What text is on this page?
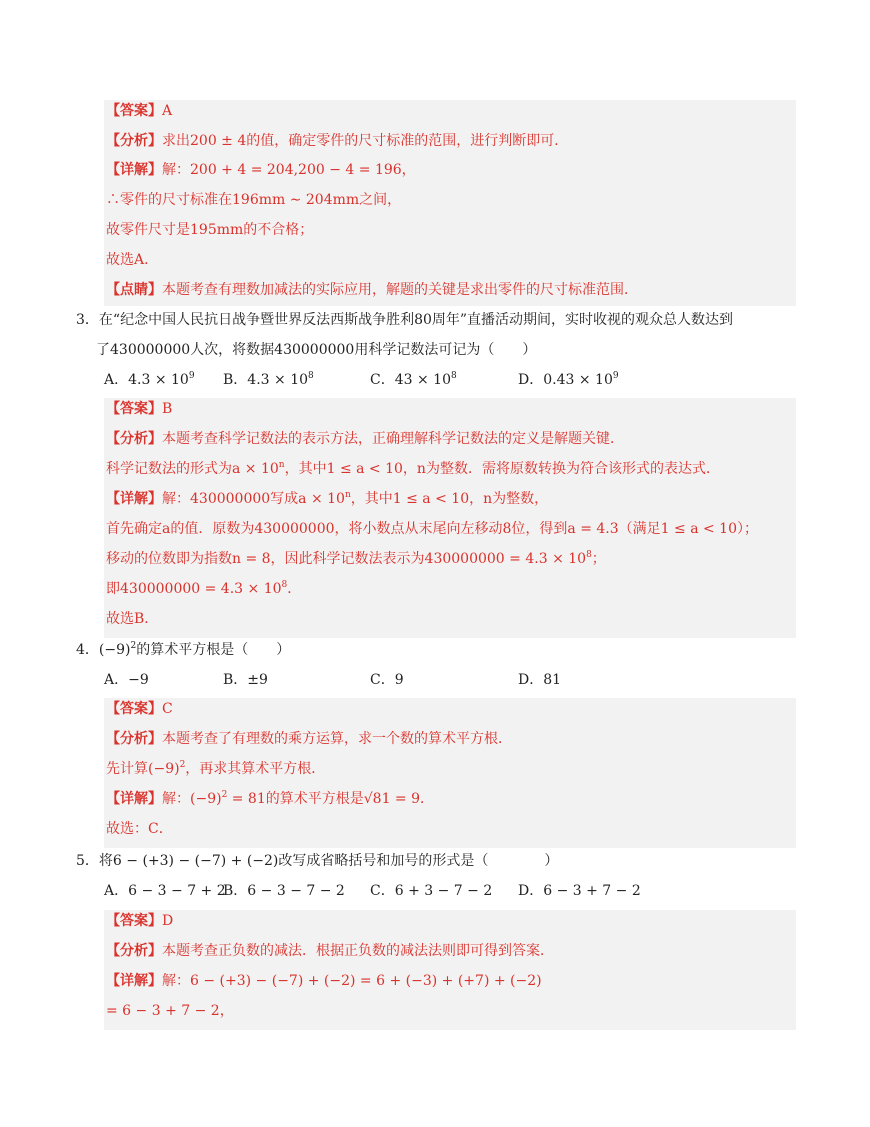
【答案】A
【分析】求出200 ± 4的值，确定零件的尺寸标准的范围，进行判断即可．
【详解】解：200 + 4 = 204,200 − 4 = 196，
∴零件的尺寸标准在196mm ∼ 204mm之间，
故零件尺寸是195mm的不合格；
故选A．
【点睛】本题考查有理数加减法的实际应用，解题的关键是求出零件的尺寸标准范围．
3．在“纪念中国人民抗日战争暨世界反法西斯战争胜利80周年”直播活动期间，实时收视的观众总人数达到
了430000000人次，将数据430000000用科学记数法可记为（　　）
A．$4.3 \times 10^9$ B．$4.3 \times 10^8$	C．$43 \times 10^8$	D．$0.43 \times 10^9$
【答案】B
【分析】本题考查科学记数法的表示方法，正确理解科学记数法的定义是解题关键．
科学记数法的形式为$a \times 10^n$，其中1 ≤ a < 10，n为整数．需将原数转换为符合该形式的表达式．
【详解】解：430000000写成$a \times 10^n$，其中1 ≤ a < 10，n为整数，
首先确定a的值．原数为430000000，将小数点从末尾向左移动8位，得到a = 4.3（满足1 ≤ a < 10）；
移动的位数即为指数n = 8，因此科学记数法表示为$430000000 = 4.3 \times 10^8$；
即$430000000 = 4.3 \times 10^8$．
故选B．
4．$(-9)^2$的算术平方根是（　　）
A．−9	B．±9	C．9	D．81
【答案】C
【分析】本题考查了有理数的乘方运算，求一个数的算术平方根．
先计算$(-9)^2$，再求其算术平方根．
【详解】解：$(-9)^2 = 81$的算术平方根是√81 = 9．
故选：C．
5．将6 − (+3) − (−7) + (−2)改写成省略括号和加号的形式是（　　　　）
A．6 − 3 − 7 + 2
B．6 − 3 − 7 − 2 C．6 + 3 − 7 − 2 D．6 − 3 + 7 − 2
【答案】D
【分析】本题考查正负数的减法．根据正负数的减法法则即可得到答案．
【详解】解：6 − (+3) − (−7) + (−2) = 6 + (−3) + (+7) + (−2)
= 6 − 3 + 7 − 2，
